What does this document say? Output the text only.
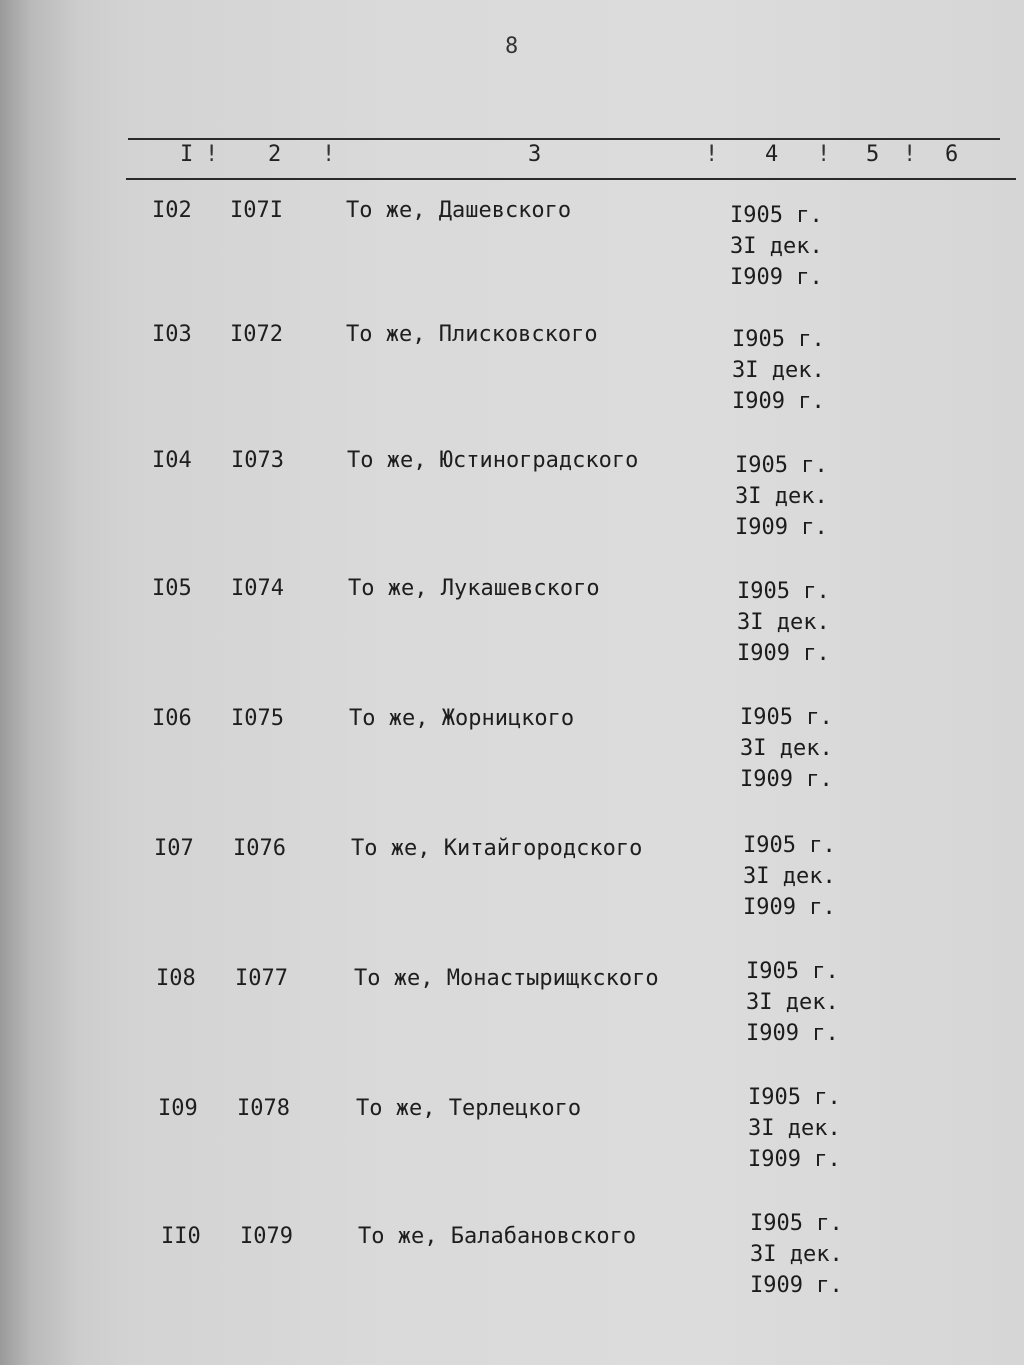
8
I ! 2 !	3	! 4 ! 5 ! 6
I02 I07I	То же, Дашевского	I905 г.
3I дек.
I909 г.
I03 I072	То же, Плисковского	I905 г.
3I дек.
I909 г.
I04 I073	То же, Юстиноградского	I905 г.
3I дек.
I909 г.
I05 I074	То же, Лукашевского	I905 г.
3I дек.
I909 г.
I06 I075	То же, Жорницкого	I905 г.
3I дек.
I909 г.
I07 I076	То же, Китайгородского	I905 г.
3I дек.
I909 г.
I08 I077	То же, Монастырищкского	I905 г.
3I дек.
I909 г.
I09 I078	То же, Терлецкого	I905 г.
3I дек.
I909 г.
II0 I079	То же, Балабановского
I905 г.
3I дек.
I909 г.
